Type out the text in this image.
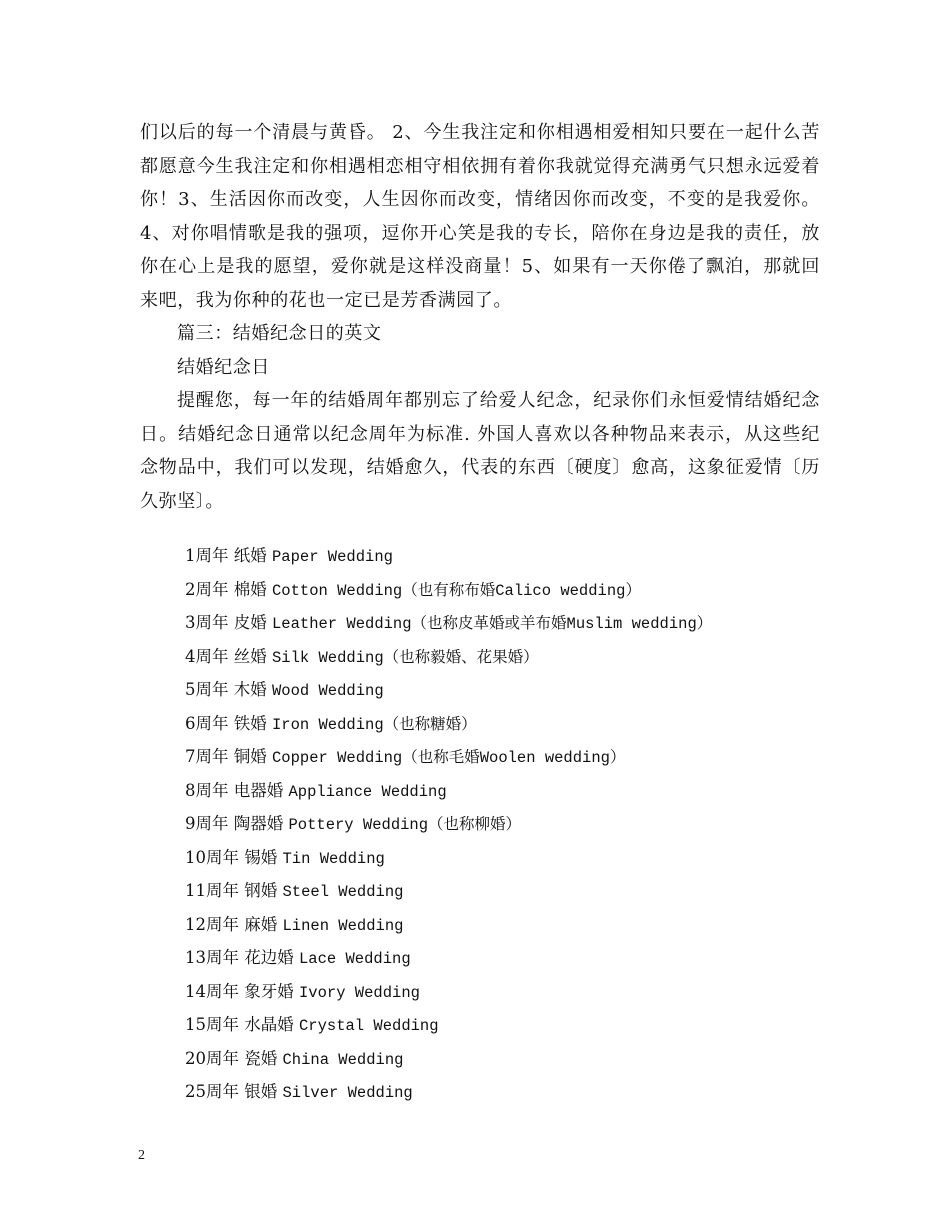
们以后的每一个清晨与黄昏。 2、今生我注定和你相遇相爱相知只要在一起什么苦都愿意今生我注定和你相遇相恋相守相依拥有着你我就觉得充满勇气只想永远爱着你！3、生活因你而改变，人生因你而改变，情绪因你而改变，不变的是我爱你。4、对你唱情歌是我的强项，逗你开心笑是我的专长，陪你在身边是我的责任，放你在心上是我的愿望，爱你就是这样没商量！5、如果有一天你倦了飘泊，那就回来吧，我为你种的花也一定已是芳香满园了。

篇三：结婚纪念日的英文

结婚纪念日

提醒您，每一年的结婚周年都别忘了给爱人纪念，纪录你们永恒爱情结婚纪念日。结婚纪念日通常以纪念周年为标准. 外国人喜欢以各种物品来表示，从这些纪念物品中，我们可以发现，结婚愈久，代表的东西〔硬度〕愈高，这象征爱情〔历久弥坚〕。

1周年 纸婚 Paper Wedding
2周年 棉婚 Cotton Wedding（也有称布婚Calico wedding）
3周年 皮婚 Leather Wedding（也称皮革婚或羊布婚Muslim wedding）
4周年 丝婚 Silk Wedding（也称毅婚、花果婚）
5周年 木婚 Wood Wedding
6周年 铁婚 Iron Wedding（也称糖婚）
7周年 铜婚 Copper Wedding（也称毛婚Woolen wedding）
8周年 电器婚 Appliance Wedding
9周年 陶器婚 Pottery Wedding（也称柳婚）
10周年 锡婚 Tin Wedding
11周年 钢婚 Steel Wedding
12周年 麻婚 Linen Wedding
13周年 花边婚 Lace Wedding
14周年 象牙婚 Ivory Wedding
15周年 水晶婚 Crystal Wedding
20周年 瓷婚 China Wedding
25周年 银婚 Silver Wedding
2
